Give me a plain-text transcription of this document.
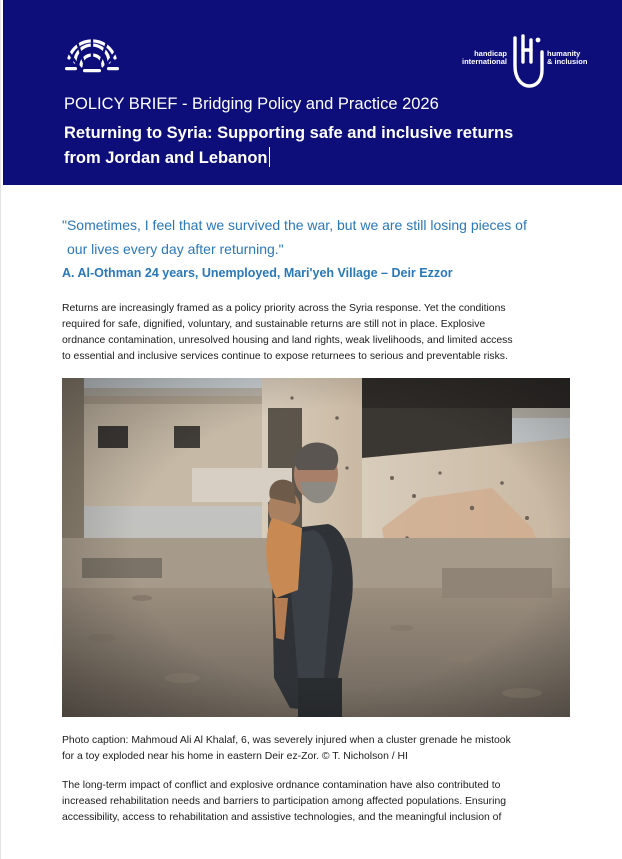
handicap
international
humanity
& inclusion
POLICY BRIEF - Bridging Policy and Practice 2026
Returning to Syria: Supporting safe and inclusive returns
from Jordan and Lebanon
"Sometimes, I feel that we survived the war, but we are still losing pieces of
our lives every day after returning."
A. Al-Othman 24 years, Unemployed, Mari'yeh Village – Deir Ezzor
Returns are increasingly framed as a policy priority across the Syria response. Yet the conditions
required for safe, dignified, voluntary, and sustainable returns are still not in place. Explosive
ordnance contamination, unresolved housing and land rights, weak livelihoods, and limited access
to essential and inclusive services continue to expose returnees to serious and preventable risks.
Photo caption: Mahmoud Ali Al Khalaf, 6, was severely injured when a cluster grenade he mistook
for a toy exploded near his home in eastern Deir ez-Zor. © T. Nicholson / HI
The long-term impact of conflict and explosive ordnance contamination have also contributed to
increased rehabilitation needs and barriers to participation among affected populations. Ensuring
accessibility, access to rehabilitation and assistive technologies, and the meaningful inclusion of
